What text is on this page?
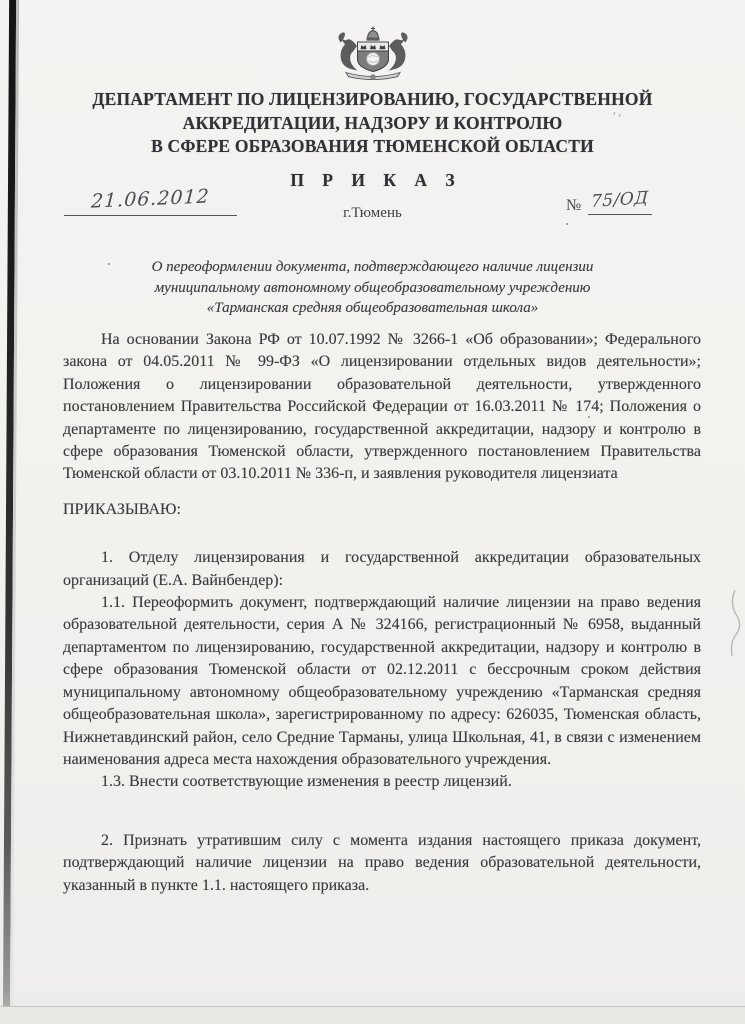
ДЕПАРТАМЕНТ ПО ЛИЦЕНЗИРОВАНИЮ, ГОСУДАРСТВЕННОЙ
АККРЕДИТАЦИИ, НАДЗОРУ И КОНТРОЛЮ
В СФЕРЕ ОБРАЗОВАНИЯ ТЮМЕНСКОЙ ОБЛАСТИ
П Р И К А З
21.06.2012	№ 75/ОД
г.Тюмень
О переоформлении документа, подтверждающего наличие лицензии
муниципальному автономному общеобразовательному учреждению
«Тарманская средняя общеобразовательная школа»

На основании Закона РФ от 10.07.1992 № 3266-1 «Об образовании»; Федерального закона от 04.05.2011 № 99-ФЗ «О лицензировании отдельных видов деятельности»; Положения о лицензировании образовательной деятельности, утвержденного постановлением Правительства Российской Федерации от 16.03.2011 № 174; Положения о департаменте по лицензированию, государственной аккредитации, надзору и контролю в сфере образования Тюменской области, утвержденного постановлением Правительства Тюменской области от 03.10.2011 № 336-п, и заявления руководителя лицензиата

ПРИКАЗЫВАЮ:

1. Отделу лицензирования и государственной аккредитации образовательных организаций (Е.А. Вайнбендер):

1.1. Переоформить документ, подтверждающий наличие лицензии на право ведения образовательной деятельности, серия А № 324166, регистрационный № 6958, выданный департаментом по лицензированию, государственной аккредитации, надзору и контролю в сфере образования Тюменской области от 02.12.2011 с бессрочным сроком действия муниципальному автономному общеобразовательному учреждению «Тарманская средняя общеобразовательная школа», зарегистрированному по адресу: 626035, Тюменская область, Нижнетавдинский район, село Средние Тарманы, улица Школьная, 41, в связи с изменением наименования адреса места нахождения образовательного учреждения.

1.3. Внести соответствующие изменения в реестр лицензий.

2. Признать утратившим силу с момента издания настоящего приказа документ, подтверждающий наличие лицензии на право ведения образовательной деятельности, указанный в пункте 1.1. настоящего приказа.

''
